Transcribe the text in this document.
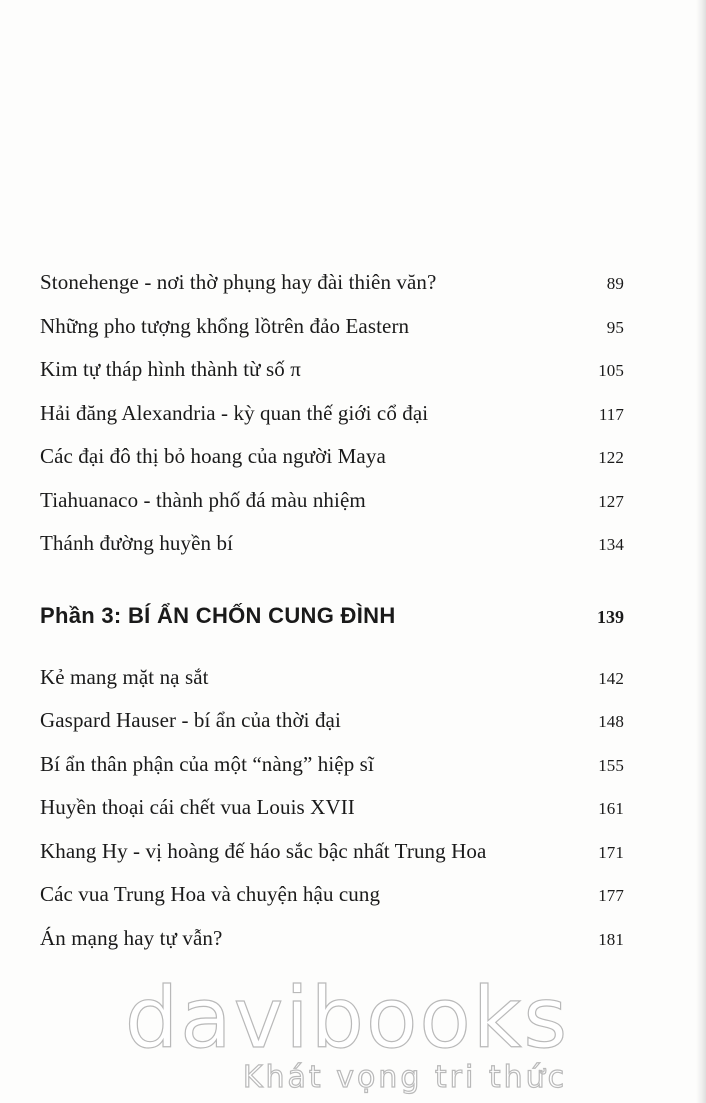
Stonehenge - nơi thờ phụng hay đài thiên văn?	89
Những pho tượng khổng lồtrên đảo Eastern	95
Kim tự tháp hình thành từ số π	105
Hải đăng Alexandria - kỳ quan thế giới cổ đại	117
Các đại đô thị bỏ hoang của người Maya	122
Tiahuanaco - thành phố đá màu nhiệm	127
Thánh đường huyền bí	134
Phần 3: BÍ ẨN CHỐN CUNG ĐÌNH	139
Kẻ mang mặt nạ sắt	142
Gaspard Hauser - bí ẩn của thời đại	148
Bí ẩn thân phận của một “nàng” hiệp sĩ	155
Huyền thoại cái chết vua Louis XVII	161
Khang Hy - vị hoàng đế háo sắc bậc nhất Trung Hoa	171
Các vua Trung Hoa và chuyện hậu cung	177
Án mạng hay tự vẫn?	181
davibooks
Khát vọng tri thức
